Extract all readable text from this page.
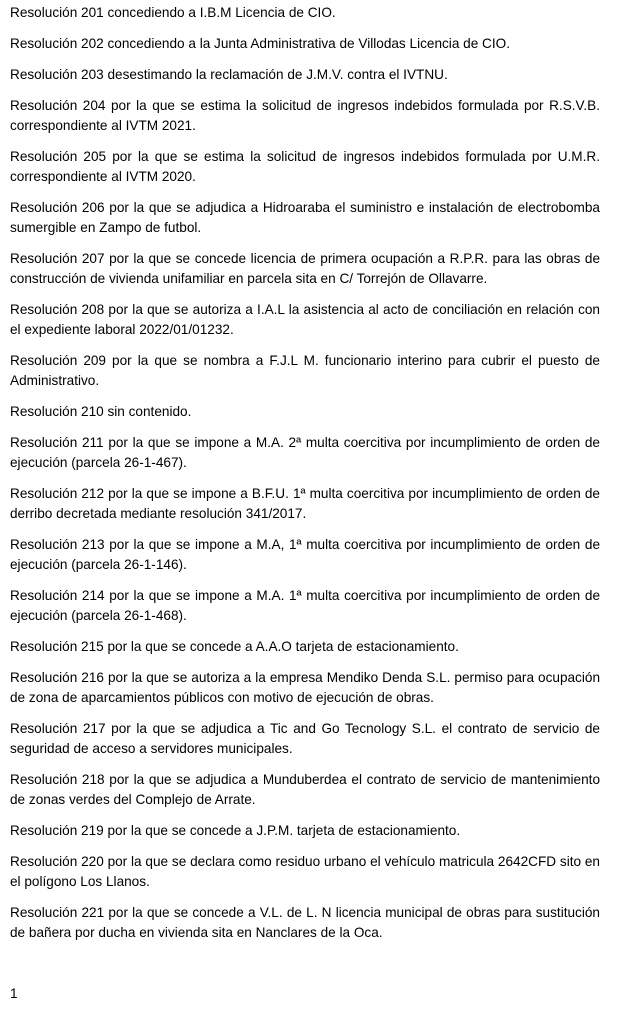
Resolución 201 concediendo a I.B.M Licencia de CIO.

Resolución 202 concediendo a la Junta Administrativa de Villodas Licencia de CIO.

Resolución 203 desestimando la reclamación de J.M.V. contra el IVTNU.

Resolución 204 por la que se estima la solicitud de ingresos indebidos formulada por R.S.V.B. correspondiente al IVTM 2021.

Resolución 205 por la que se estima la solicitud de ingresos indebidos formulada por U.M.R. correspondiente al IVTM 2020.

Resolución 206 por la que se adjudica a Hidroaraba el suministro e instalación de electrobomba sumergible en Zampo de futbol.

Resolución 207 por la que se concede licencia de primera ocupación a R.P.R. para las obras de construcción de vivienda unifamiliar en parcela sita en C/ Torrejón de Ollavarre.

Resolución 208 por la que se autoriza a I.A.L la asistencia al acto de conciliación en relación con el expediente laboral 2022/01/01232.

Resolución 209 por la que se nombra a F.J.L M. funcionario interino para cubrir el puesto de Administrativo.

Resolución 210 sin contenido.

Resolución 211 por la que se impone a M.A. 2ª multa coercitiva por incumplimiento de orden de ejecución (parcela 26-1-467).

Resolución 212 por la que se impone a B.F.U. 1ª multa coercitiva por incumplimiento de orden de derribo decretada mediante resolución 341/2017.

Resolución 213 por la que se impone a M.A, 1ª multa coercitiva por incumplimiento de orden de ejecución (parcela 26-1-146).

Resolución 214 por la que se impone a M.A. 1ª multa coercitiva por incumplimiento de orden de ejecución (parcela 26-1-468).

Resolución 215 por la que se concede a A.A.O tarjeta de estacionamiento.

Resolución 216 por la que se autoriza a la empresa Mendiko Denda S.L. permiso para ocupación de zona de aparcamientos públicos con motivo de ejecución de obras.

Resolución 217 por la que se adjudica a Tic and Go Tecnology S.L. el contrato de servicio de seguridad de acceso a servidores municipales.

Resolución 218 por la que se adjudica a Munduberdea el contrato de servicio de mantenimiento de zonas verdes del Complejo de Arrate.

Resolución 219 por la que se concede a J.P.M. tarjeta de estacionamiento.

Resolución 220 por la que se declara como residuo urbano el vehículo matricula 2642CFD sito en el polígono Los Llanos.

Resolución 221 por la que se concede a V.L. de L. N licencia municipal de obras para sustitución de bañera por ducha en vivienda sita en Nanclares de la Oca.

1
